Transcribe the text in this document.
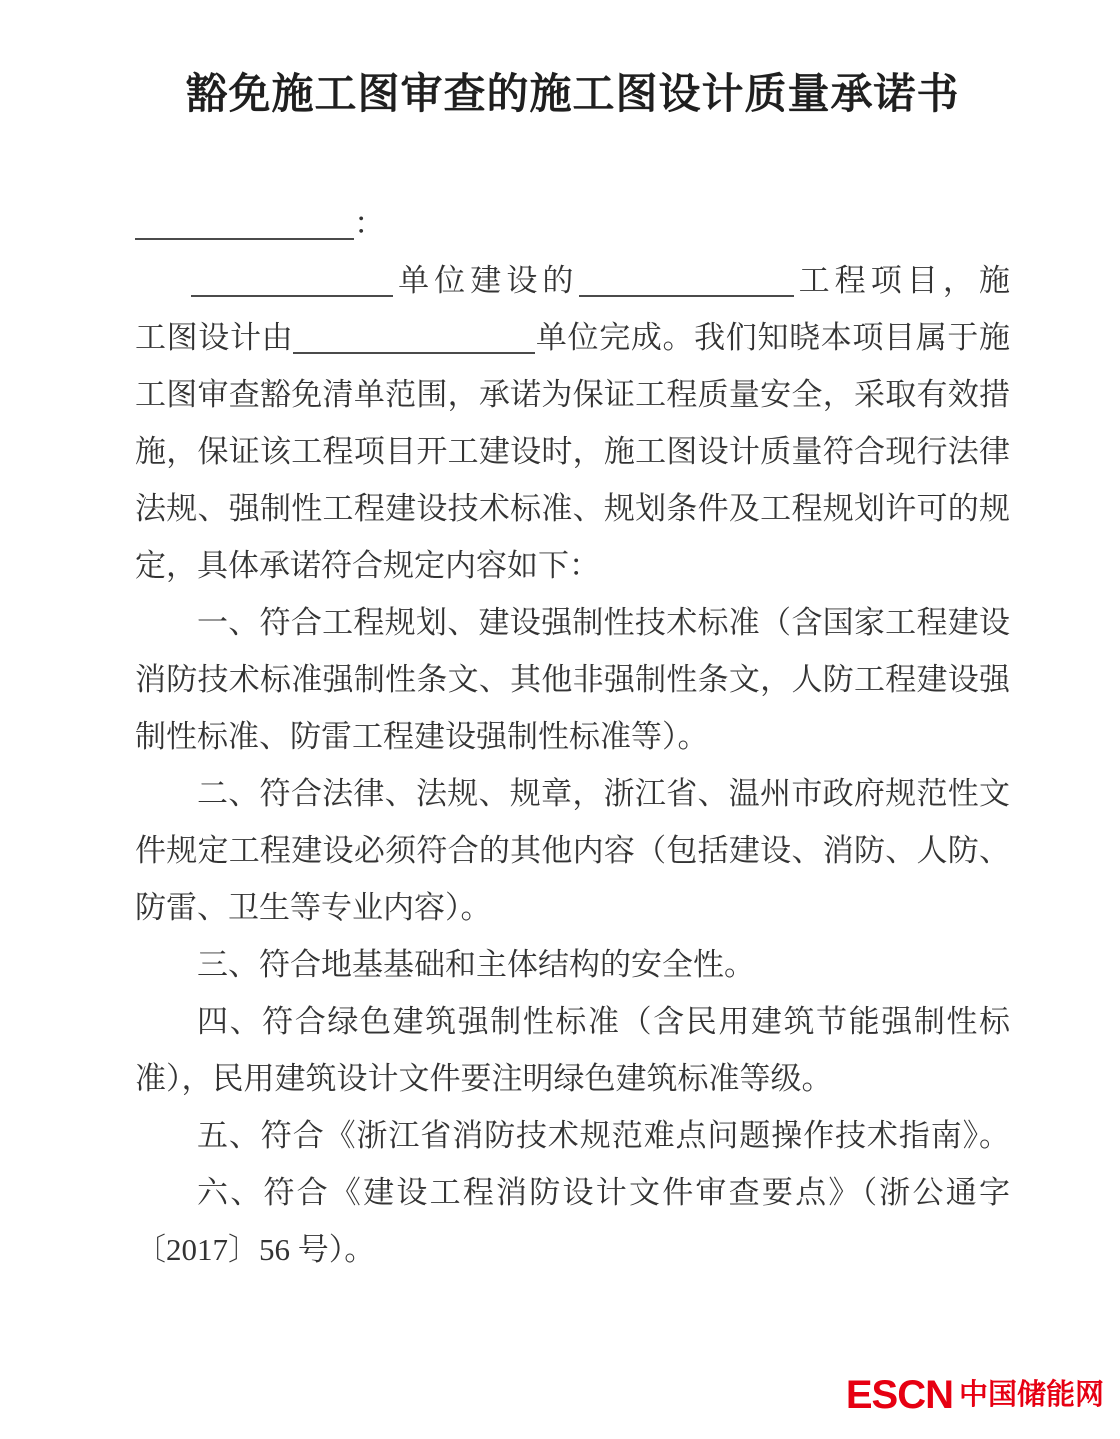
豁免施工图审查的施工图设计质量承诺书
：
单位建设的	工程项目，施
工图设计由	单位完成。我们知晓本项目属于施
工图审查豁免清单范围，承诺为保证工程质量安全，采取有效措
施，保证该工程项目开工建设时，施工图设计质量符合现行法律
法规、强制性工程建设技术标准、规划条件及工程规划许可的规
定，具体承诺符合规定内容如下：
一、符合工程规划、建设强制性技术标准（含国家工程建设
消防技术标准强制性条文、其他非强制性条文，人防工程建设强
制性标准、防雷工程建设强制性标准等）。
二、符合法律、法规、规章，浙江省、温州市政府规范性文
件规定工程建设必须符合的其他内容（包括建设、消防、人防、
防雷、卫生等专业内容）。
三、符合地基基础和主体结构的安全性。
四、符合绿色建筑强制性标准（含民用建筑节能强制性标
准），民用建筑设计文件要注明绿色建筑标准等级。
五、符合《浙江省消防技术规范难点问题操作技术指南》。
六、符合《建设工程消防设计文件审查要点》（浙公通字
〔2017〕56 号）。
ESCN 中国储能网
